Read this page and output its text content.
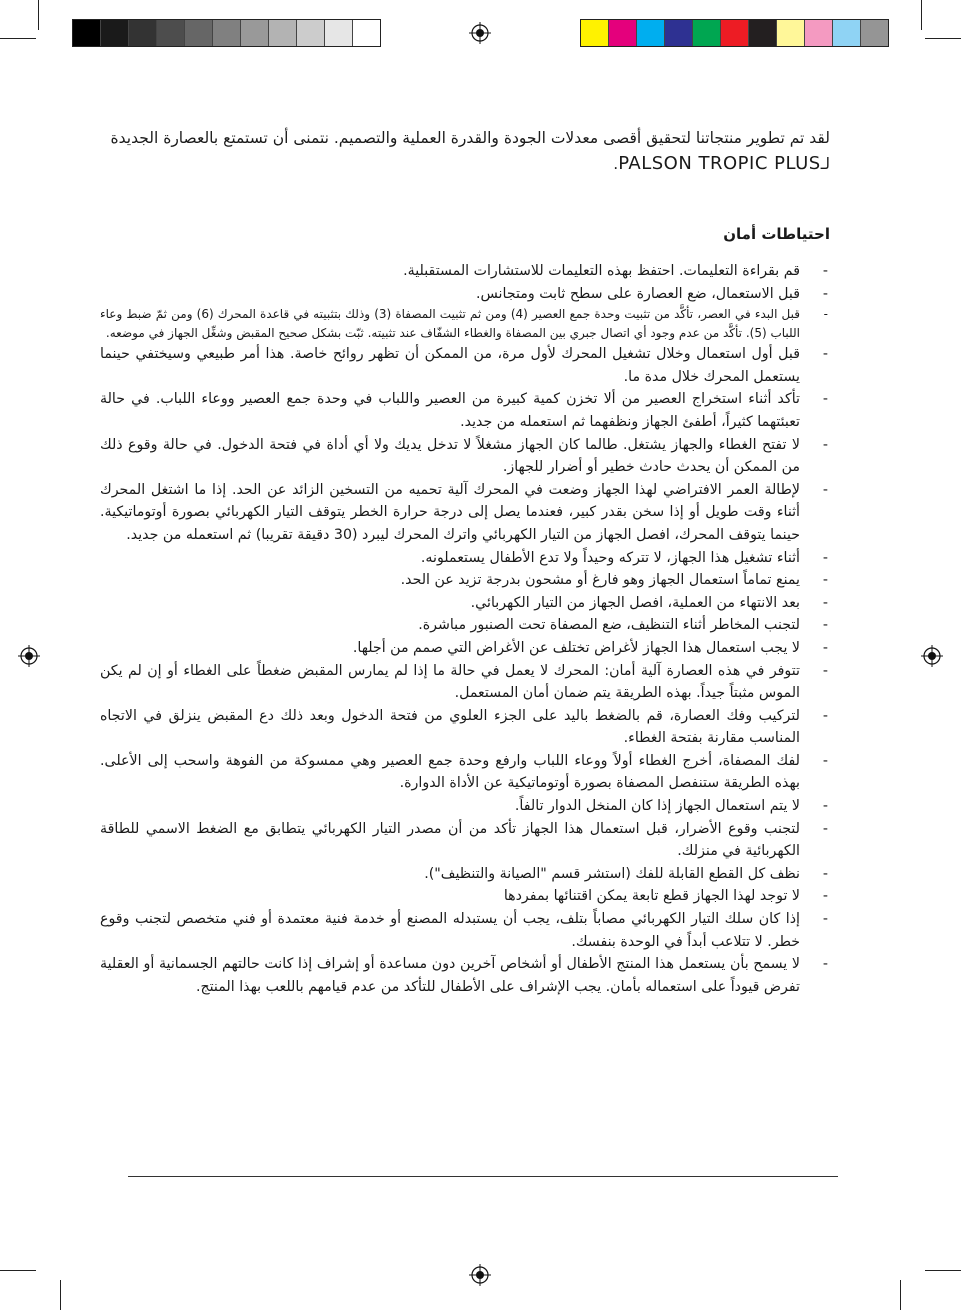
لقد تم تطوير منتجاتنا لتحقيق أقصى معدلات الجودة والقدرة العملية والتصميم. نتمنى أن تستمتع بالعصارة الجديدة
لـPALSON TROPIC PLUS.

احتياطات أمان
- قم بقراءة التعليمات. احتفظ بهذه التعليمات للاستشارات المستقبلية.
- قبل الاستعمال، ضع العصارة على سطح ثابت ومتجانس.
- قبل البدء في العصر، تأكَّد من تثبيت وحدة جمع العصير (4) ومن ثم تثبيت المصفاة (3) وذلك بتثبيته في قاعدة المحرك (6) ومن ثمّ ضبط وعاء اللباب (5). تأكَّد من عدم وجود أي اتصال جبري بين المصفاة والغطاء الشفّاف عند تثبيته. ثبّت بشكل صحيح المقبض وشغِّل الجهاز في موضعه.
- قبل أول استعمال وخلال تشغيل المحرك لأول مرة، من الممكن أن تظهر روائح خاصة. هذا أمر طبيعي وسيختفي حينما يستعمل المحرك خلال مدة ما.
- تأكد أثناء استخراج العصير من ألا تخزن كمية كبيرة من العصير واللباب في وحدة جمع العصير ووعاء اللباب. في حالة تعبئتهما كثيراً، أطفئ الجهاز ونظفهما ثم استعمله من جديد.
- لا تفتح الغطاء والجهاز يشتغل. طالما كان الجهاز مشغلاً لا تدخل يديك ولا أي أداة في فتحة الدخول. في حالة وقوع ذلك من الممكن أن يحدث حادث خطير أو أضرار للجهاز.
- لإطالة العمر الافتراضي لهذا الجهاز وضعت في المحرك آلية تحميه من التسخين الزائد عن الحد. إذا ما اشتغل المحرك أثناء وقت طويل أو إذا سخن بقدر كبير، فعندما يصل إلى درجة حرارة الخطر يتوقف التيار الكهربائي بصورة أوتوماتيكية. حينما يتوقف المحرك، افصل الجهاز من التيار الكهربائي واترك المحرك ليبرد (30 دقيقة تقريبا) ثم استعمله من جديد.
- أثناء تشغيل هذا الجهاز، لا تتركه وحيداً ولا تدع الأطفال يستعملونه.
- يمنع تماماً استعمال الجهاز وهو فارغ أو مشحون بدرجة تزيد عن الحد.
- بعد الانتهاء من العملية، افصل الجهاز من التيار الكهربائي.
- لتجنب المخاطر أثناء التنظيف، ضع المصفاة تحت الصنبور مباشرة.
- لا يجب استعمال هذا الجهاز لأغراض تختلف عن الأغراض التي صمم من أجلها.
- تتوفر في هذه العصارة آلية أمان: المحرك لا يعمل في حالة ما إذا لم يمارس المقبض ضغطاً على الغطاء أو إن لم يكن الموس مثبتاً جيداً. بهذه الطريقة يتم ضمان أمان المستعمل.
- لتركيب وفك العصارة، قم بالضغط باليد على الجزء العلوي من فتحة الدخول وبعد ذلك دع المقبض ينزلق في الاتجاه المناسب مقارنة بفتحة الغطاء.
- لفك المصفاة، أخرج الغطاء أولاً ووعاء اللباب وارفع وحدة جمع العصير وهي ممسوكة من الفوهة واسحب إلى الأعلى. بهذه الطريقة ستنفصل المصفاة بصورة أوتوماتيكية عن الأداة الدوارة.
- لا يتم استعمال الجهاز إذا كان المنخل الدوار تالفاً.
- لتجنب وقوع الأضرار، قبل استعمال هذا الجهاز تأكد من أن مصدر التيار الكهربائي يتطابق مع الضغط الاسمي للطاقة الكهربائية في منزلك.
- نظف كل القطع القابلة للفك (استشر قسم "الصيانة والتنظيف").
- لا توجد لهذا الجهاز قطع تابعة يمكن اقتنائها بمفردها
- إذا كان سلك التيار الكهربائي مصاباً بتلف، يجب أن يستبدله المصنع أو خدمة فنية معتمدة أو فني متخصص لتجنب وقوع خطر. لا تتلاعب أبداً في الوحدة بنفسك.
- لا يسمح بأن يستعمل هذا المنتج الأطفال أو أشخاص آخرين دون مساعدة أو إشراف إذا كانت حالتهم الجسمانية أو العقلية تفرض قيوداً على استعماله بأمان. يجب الإشراف على الأطفال للتأكد من عدم قيامهم باللعب بهذا المنتج.
